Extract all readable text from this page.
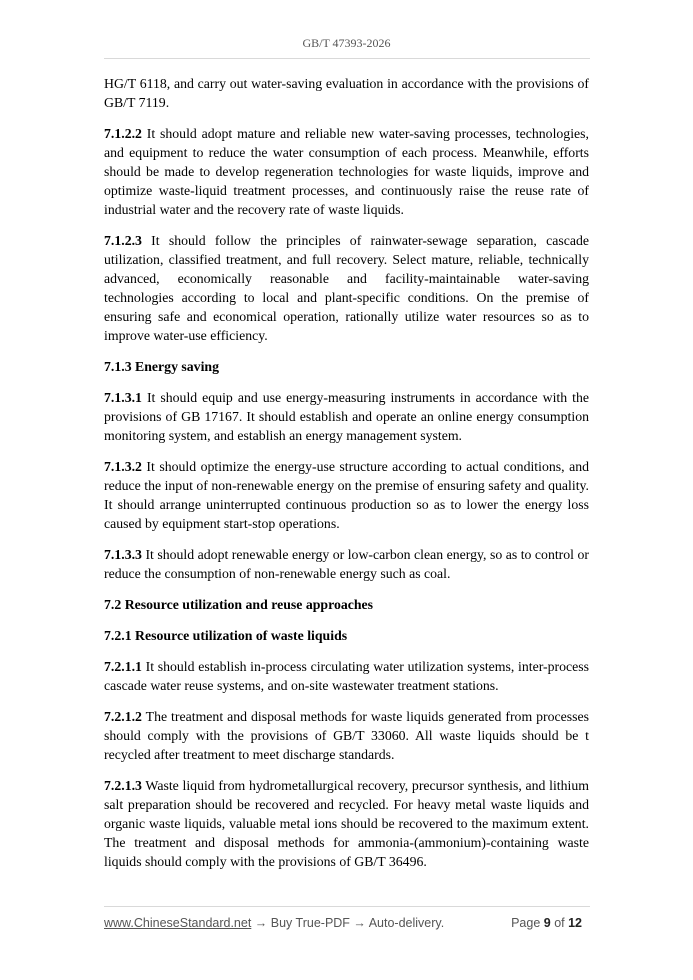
GB/T 47393-2026

HG/T 6118, and carry out water-saving evaluation in accordance with the provisions of GB/T 7119.

7.1.2.2 It should adopt mature and reliable new water-saving processes, technologies, and equipment to reduce the water consumption of each process. Meanwhile, efforts should be made to develop regeneration technologies for waste liquids, improve and optimize waste-liquid treatment processes, and continuously raise the reuse rate of industrial water and the recovery rate of waste liquids.

7.1.2.3 It should follow the principles of rainwater-sewage separation, cascade utilization, classified treatment, and full recovery. Select mature, reliable, technically advanced, economically reasonable and facility-maintainable water-saving technologies according to local and plant-specific conditions. On the premise of ensuring safe and economical operation, rationally utilize water resources so as to improve water-use efficiency.

7.1.3 Energy saving

7.1.3.1 It should equip and use energy-measuring instruments in accordance with the provisions of GB 17167. It should establish and operate an online energy consumption monitoring system, and establish an energy management system.

7.1.3.2 It should optimize the energy-use structure according to actual conditions, and reduce the input of non-renewable energy on the premise of ensuring safety and quality. It should arrange uninterrupted continuous production so as to lower the energy loss caused by equipment start-stop operations.

7.1.3.3 It should adopt renewable energy or low-carbon clean energy, so as to control or reduce the consumption of non-renewable energy such as coal.

7.2 Resource utilization and reuse approaches

7.2.1 Resource utilization of waste liquids

7.2.1.1 It should establish in-process circulating water utilization systems, inter-process cascade water reuse systems, and on-site wastewater treatment stations.

7.2.1.2 The treatment and disposal methods for waste liquids generated from processes should comply with the provisions of GB/T 33060. All waste liquids should be t recycled after treatment to meet discharge standards.

7.2.1.3 Waste liquid from hydrometallurgical recovery, precursor synthesis, and lithium salt preparation should be recovered and recycled. For heavy metal waste liquids and organic waste liquids, valuable metal ions should be recovered to the maximum extent. The treatment and disposal methods for ammonia-(ammonium)-containing waste liquids should comply with the provisions of GB/T 36496.

www.ChineseStandard.net → Buy True-PDF → Auto-delivery.	Page 9 of 12
